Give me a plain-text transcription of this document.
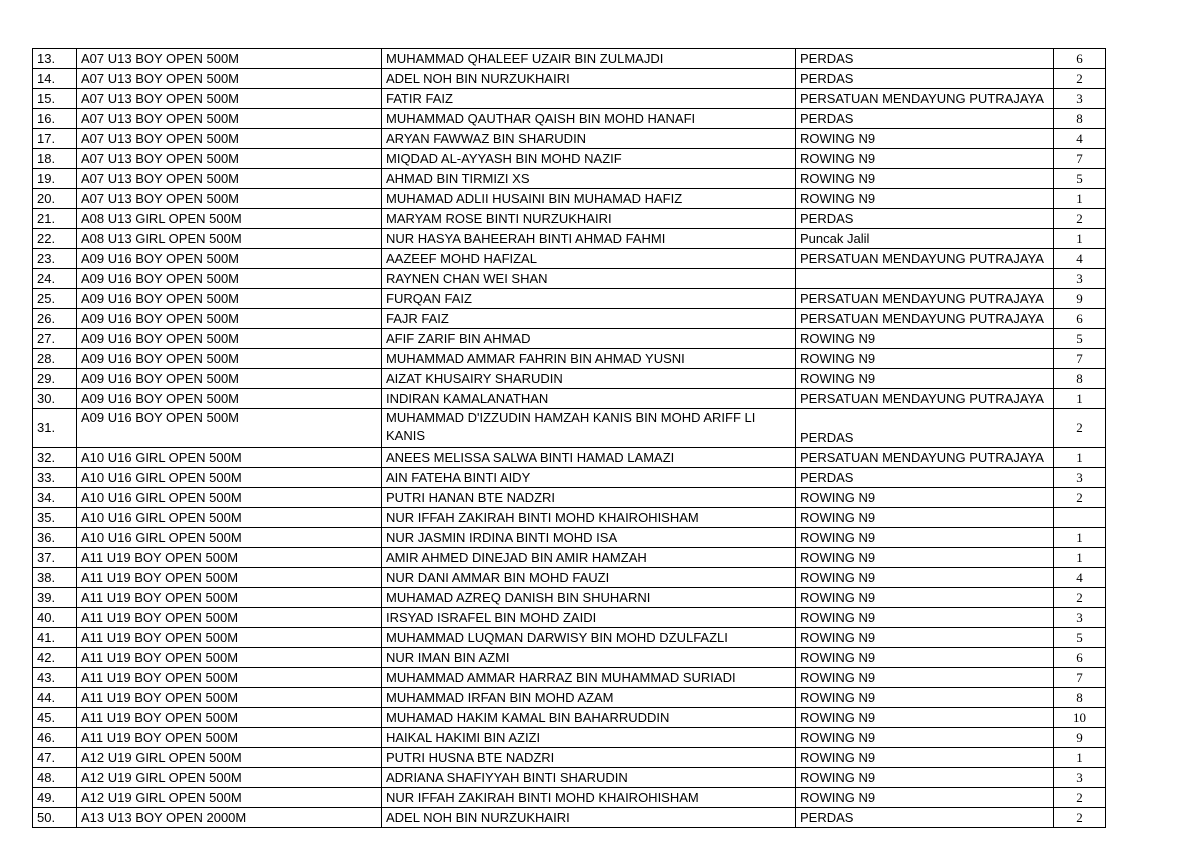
13.	A07 U13 BOY OPEN 500M	MUHAMMAD QHALEEF UZAIR BIN ZULMAJDI	PERDAS	6
14.	A07 U13 BOY OPEN 500M	ADEL NOH BIN NURZUKHAIRI	PERDAS	2
15.	A07 U13 BOY OPEN 500M	FATIR FAIZ	PERSATUAN MENDAYUNG PUTRAJAYA	3
16.	A07 U13 BOY OPEN 500M	MUHAMMAD QAUTHAR QAISH BIN MOHD HANAFI	PERDAS	8
17.	A07 U13 BOY OPEN 500M	ARYAN FAWWAZ BIN SHARUDIN	ROWING N9	4
18.	A07 U13 BOY OPEN 500M	MIQDAD AL-AYYASH BIN MOHD NAZIF	ROWING N9	7
19.	A07 U13 BOY OPEN 500M	AHMAD BIN TIRMIZI XS	ROWING N9	5
20.	A07 U13 BOY OPEN 500M	MUHAMAD ADLII HUSAINI BIN MUHAMAD HAFIZ	ROWING N9	1
21.	A08 U13 GIRL OPEN 500M	MARYAM ROSE BINTI NURZUKHAIRI	PERDAS	2
22.	A08 U13 GIRL OPEN 500M	NUR HASYA BAHEERAH BINTI AHMAD FAHMI	Puncak Jalil	1
23.	A09 U16 BOY OPEN 500M	AAZEEF MOHD HAFIZAL	PERSATUAN MENDAYUNG PUTRAJAYA	4
24.	A09 U16 BOY OPEN 500M	RAYNEN CHAN WEI SHAN		3
25.	A09 U16 BOY OPEN 500M	FURQAN FAIZ	PERSATUAN MENDAYUNG PUTRAJAYA	9
26.	A09 U16 BOY OPEN 500M	FAJR FAIZ	PERSATUAN MENDAYUNG PUTRAJAYA	6
27.	A09 U16 BOY OPEN 500M	AFIF ZARIF BIN AHMAD	ROWING N9	5
28.	A09 U16 BOY OPEN 500M	MUHAMMAD AMMAR FAHRIN BIN AHMAD YUSNI	ROWING N9	7
29.	A09 U16 BOY OPEN 500M	AIZAT KHUSAIRY SHARUDIN	ROWING N9	8
30.	A09 U16 BOY OPEN 500M	INDIRAN KAMALANATHAN	PERSATUAN MENDAYUNG PUTRAJAYA	1
31.	A09 U16 BOY OPEN 500M	MUHAMMAD D'IZZUDIN HAMZAH KANIS BIN MOHD ARIFF LI KANIS	PERDAS	2
32.	A10 U16 GIRL OPEN 500M	ANEES MELISSA SALWA BINTI HAMAD LAMAZI	PERSATUAN MENDAYUNG PUTRAJAYA	1
33.	A10 U16 GIRL OPEN 500M	AIN FATEHA BINTI AIDY	PERDAS	3
34.	A10 U16 GIRL OPEN 500M	PUTRI HANAN BTE NADZRI	ROWING N9	2
35.	A10 U16 GIRL OPEN 500M	NUR IFFAH ZAKIRAH BINTI MOHD KHAIROHISHAM	ROWING N9	
36.	A10 U16 GIRL OPEN 500M	NUR JASMIN IRDINA BINTI MOHD ISA	ROWING N9	1
37.	A11 U19 BOY OPEN 500M	AMIR AHMED DINEJAD BIN AMIR HAMZAH	ROWING N9	1
38.	A11 U19 BOY OPEN 500M	NUR DANI AMMAR BIN MOHD FAUZI	ROWING N9	4
39.	A11 U19 BOY OPEN 500M	MUHAMAD AZREQ DANISH BIN SHUHARNI	ROWING N9	2
40.	A11 U19 BOY OPEN 500M	IRSYAD ISRAFEL BIN MOHD ZAIDI	ROWING N9	3
41.	A11 U19 BOY OPEN 500M	MUHAMMAD LUQMAN DARWISY BIN MOHD DZULFAZLI	ROWING N9	5
42.	A11 U19 BOY OPEN 500M	NUR IMAN BIN AZMI	ROWING N9	6
43.	A11 U19 BOY OPEN 500M	MUHAMMAD AMMAR HARRAZ BIN MUHAMMAD SURIADI	ROWING N9	7
44.	A11 U19 BOY OPEN 500M	MUHAMMAD IRFAN BIN MOHD AZAM	ROWING N9	8
45.	A11 U19 BOY OPEN 500M	MUHAMAD HAKIM KAMAL BIN BAHARRUDDIN	ROWING N9	10
46.	A11 U19 BOY OPEN 500M	HAIKAL HAKIMI BIN AZIZI	ROWING N9	9
47.	A12 U19 GIRL OPEN 500M	PUTRI HUSNA BTE NADZRI	ROWING N9	1
48.	A12 U19 GIRL OPEN 500M	ADRIANA SHAFIYYAH BINTI SHARUDIN	ROWING N9	3
49.	A12 U19 GIRL OPEN 500M	NUR IFFAH ZAKIRAH BINTI MOHD KHAIROHISHAM	ROWING N9	2
50.	A13 U13 BOY OPEN 2000M	ADEL NOH BIN NURZUKHAIRI	PERDAS	2
